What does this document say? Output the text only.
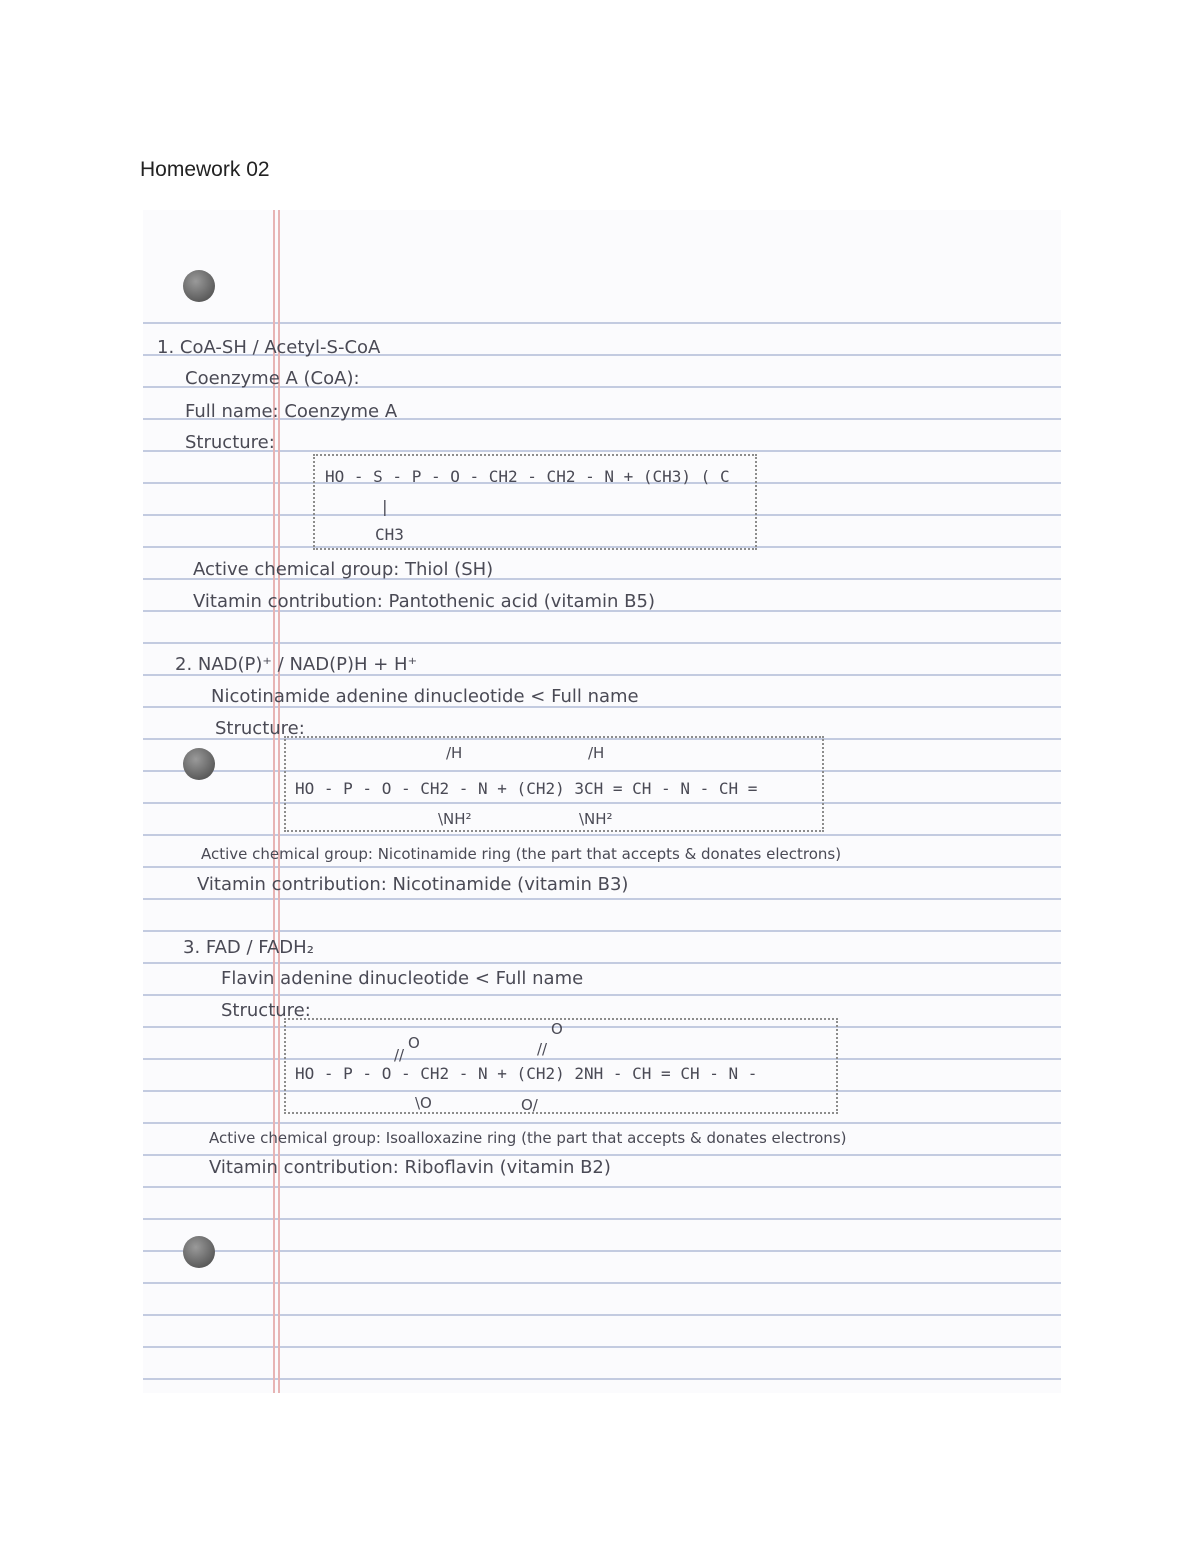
Homework 02

1. CoA-SH / Acetyl-S-CoA

Coenzyme A (CoA):

Full name: Coenzyme A

Structure:

HO - S - P - O - CH2 - CH2 - N + (CH3) ( C

|

CH3

Active chemical group: Thiol (SH)

Vitamin contribution: Pantothenic acid (vitamin B5)

2. NAD(P)⁺ / NAD(P)H + H⁺

Nicotinamide adenine dinucleotide < Full name

Structure:

/H	/H

HO - P - O - CH2 - N + (CH2) 3CH = CH - N - CH =

\NH²	\NH²

Active chemical group: Nicotinamide ring (the part that accepts & donates electrons)

Vitamin contribution: Nicotinamide (vitamin B3)

3. FAD / FADH₂

Flavin adenine dinucleotide < Full name

Structure:

O

//

O

//

HO - P - O - CH2 - N + (CH2) 2NH - CH = CH - N -

\O	O/

Active chemical group: Isoalloxazine ring (the part that accepts & donates electrons)

Vitamin contribution: Riboflavin (vitamin B2)
